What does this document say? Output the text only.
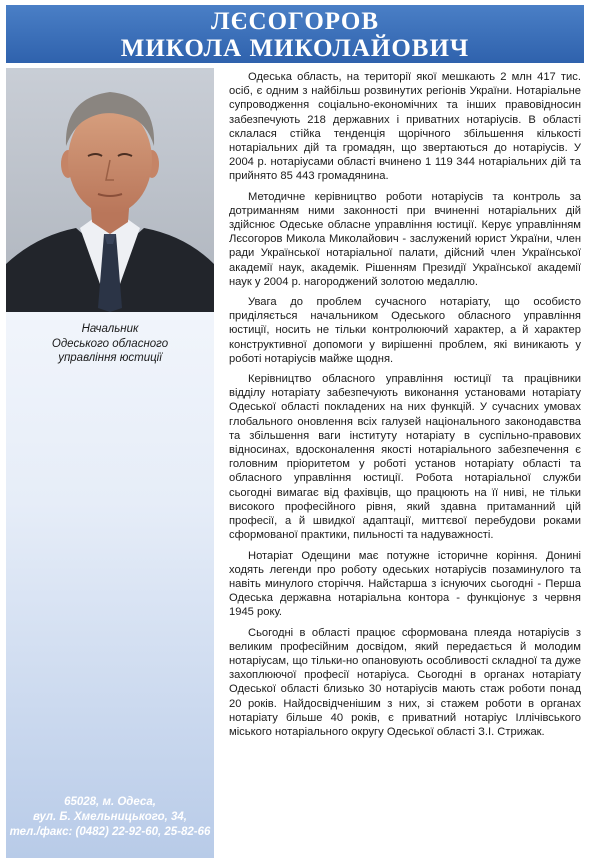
ЛЄСОГОРОВ
МИКОЛА МИКОЛАЙОВИЧ
Начальник
Одеського обласного
управління юстиції
65028, м. Одеса,
вул. Б. Хмельницького, 34,
тел./факс: (0482) 22-92-60, 25-82-66

Одеська область, на території якої мешкають 2 млн 417 тис. осіб, є одним з найбільш розвинутих регіонів України. Нотаріальне супроводження соціально-економічних та інших правовідносин забезпечують 218 державних і приватних нотаріусів. В області склалася стійка тенденція щорічного збільшення кількості нотаріальних дій та громадян, що звертаються до нотаріусів. У 2004 р. нотаріусами області вчинено 1 119 344 нотаріальних дій та прийнято 85 443 громадянина.

Методичне керівництво роботи нотаріусів та контроль за дотриманням ними законності при вчиненні нотаріальних дій здійснює Одеське обласне управління юстиції. Керує управлінням Лєсогоров Микола Миколайович - заслужений юрист України, член ради Української нотаріальної палати, дійсний член Української академії наук, академік. Рішенням Президії Української академії наук у 2004 р. нагороджений золотою медаллю.

Увага до проблем сучасного нотаріату, що особисто приділяється начальником Одеського обласного управління юстиції, носить не тільки контролюючий характер, а й характер конструктивної допомоги у вирішенні проблем, які виникають у роботі нотаріусів майже щодня.

Керівництво обласного управління юстиції та працівники відділу нотаріату забезпечують виконання установами нотаріату Одеської області покладених на них функцій. У сучасних умовах глобального оновлення всіх галузей національного законодавства та збільшення ваги інституту нотаріату в суспільно-правових відносинах, вдосконалення якості нотаріального забезпечення є головним пріоритетом у роботі установ нотаріату області та обласного управління юстиції. Робота нотаріальної служби сьогодні вимагає від фахівців, що працюють на її ниві, не тільки високого професійного рівня, який здавна притаманний цій професії, а й швидкої адаптації, миттєвої перебудови роками сформованої практики, пильності та надуважності.

Нотаріат Одещини має потужне історичне коріння. Донині ходять легенди про роботу одеських нотаріусів позаминулого та навіть минулого сторіччя. Найстарша з існуючих сьогодні - Перша Одеська державна нотаріальна контора - функціонує з червня 1945 року.

Сьогодні в області працює сформована плеяда нотаріусів з великим професійним досвідом, який передається й молодим нотаріусам, що тільки-но опановують особливості складної та дуже захоплюючої професії нотаріуса. Сьогодні в органах нотаріату Одеської області близько 30 нотаріусів мають стаж роботи понад 20 років. Найдосвідченішим з них, зі стажем роботи в органах нотаріату більше 40 років, є приватний нотаріус Іллічівського міського нотаріального округу Одеської області З.І. Стрижак.
